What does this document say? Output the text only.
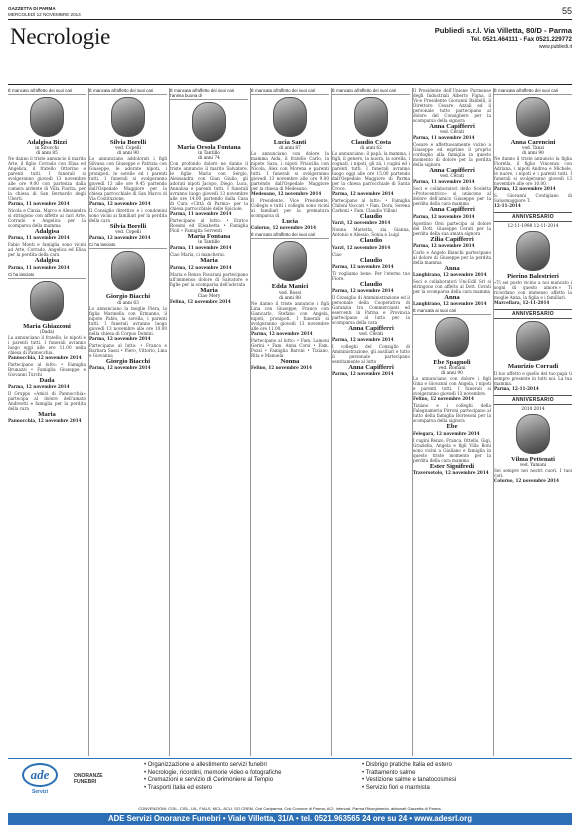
GAZZETTA DI PARMA
MERCOLEDÌ 12 NOVEMBRE 2014	55
Necrologie	Publiedi s.r.l. Via Villetta, 80/D - Parma
Tel. 0521.464111 - Fax 0521.229772
www.publiedi.it
È mancato all'affetto dei suoi cari
Adalgisa Bizzi
in Sirocchi
di anni 85
Ne danno il triste annuncio il marito Arte, il figlio Corrado con Elisa ed Angelica, il fratello Ottorino e parenti tutti. I funerali si svolgeranno giovedì 13 novembre alle ore 9.00 con partenza dalla camera ardente di Villa Fiorita, per la chiesa di San Bernardo degli Uberti.
Parma, 11 novembre 2014
Nicola e Cinzia, Marco e Alessandra si stringono con affetto ai cari Arte, Corrado e Angelica per la scomparsa della mamma
Adalgisa
Parma, 11 novembre 2014
Fabio Monti e famiglia sono vicini ad Arte, Corrado, Angelica ed Elisa per la perdita della cara
Adalgisa
Parma, 11 novembre 2014
Ci ha lasciato
Maria Ghiazzoni
(Dada)
La annunciano il fratello, le nipoti e i parenti tutti. I funerali avranno luogo oggi alle ore 11.00 nella chiesa di Pannocchia.
Pannocchia, 12 novembre 2014
Partecipano al lutto: • Famiglia Brunazzi • Famiglia Giuseppe e Giovanni Turchi
Dada
Parma, 12 novembre 2014
Il Gruppo «Amici di Pannocchia» partecipa al dolore dell'amato Andreotti e famiglia per la perdita della cara
Maria
Pannocchia, 12 novembre 2014
È mancata all'affetto dei suoi cari
Silvia Borelli
ved. Copelli
di anni 90
Lo annunciano addolorati i figli Silvana con Giuseppe e Patrizia con Giuseppe, le adorate nipoti, i pronipoti, le sorelle ed i parenti tutti. I funerali si svolgeranno giovedì 13 alle ore 9.45 partendo dall'Ospedale Maggiore per la chiesa parrocchiale di San Marco di Via Costituzione.
Parma, 12 novembre 2014
Il Consiglio direttivo e i condomini sono vicini ai familiari per la perdita della cara
Silvia Borelli
ved. Copelli
Parma, 12 novembre 2014
Ci ha lasciato
Giorgio Biacchi
di anni 63
Lo annunciano la moglie Piera, la figlia Marinella con Ermanno, il nipote Pablo, la sorella, i parenti tutti. I funerali avranno luogo giovedì 13 novembre alle ore 10.00 nella chiesa di Corpus Domini.
Parma, 12 novembre 2014
Partecipano al lutto: • Franca e Barbara Sassi • Piero, Vittorio, Lina e Giovanna
Giorgio Biacchi
Parma, 12 novembre 2014
È mancata all'affetto dei suoi cari l'anima buona di
Maria Orsola Fontana
in Tantillo
di anni 74
Con profondo dolore ne danno il triste annuncio il marito Salvatore, le figlie Maria con Sergio, Alessandra con Gian Giulio, gli adorati nipoti Jacopo, Diego, Luca, Annalisa e parenti tutti. I funerali avranno luogo giovedì 13 novembre alle ore 14.00 partendo dalla Casa di Cura «Città di Parma» per la chiesa parrocchiale delle Spiciole.
Parma, 11 novembre 2014
Partecipano al lutto: • Enrico Rossini ed Elisabetta • Famiglia Pioli • Famiglia Serventi
Maria Fontana
in Tantillo
Parma, 11 novembre 2014
Ciao Maria, ci mancherai.
Maria
Parma, 12 novembre 2014
Maria e Renzo Pavarani partecipano all'immenso dolore di Salvatore e figlie per la scomparsa dell'adorata
Maria
Ciao Mery
Felina, 12 novembre 2014
È mancata all'affetto dei suoi cari
Lucia Santi
di anni 87
Lo annunciano con dolore la mamma Aida, il fratello Carlo, la nipote Sara, i nipoti Prisicilla con Nicola, Alex con Morena e parenti tutti. I funerali si svolgeranno giovedì 13 novembre alle ore 9.00 partendo dall'Ospedale Maggiore per la chiesa di Medesano.
Medesano, 12 novembre 2014
Il Presidente, Vice Presidente, Collegio e tutti i colleghi sono vicini ai familiari per la prematura scomparsa di
Lucia
Colorno, 12 novembre 2014
È mancato all'affetto dei suoi cari
Edda Manici
ved. Rossi
di anni 88
Ne danno il triste annuncio i figli Lina con Giuseppe, Franco con Giancarlo, Stefano con Angela, nipoti, pronipoti. I funerali si svolgeranno giovedì 13 novembre alle ore 11.00.
Parma, 12 novembre 2014
Partecipano al lutto: • Fam. Lamoni Gerini • Fam. Anna Corsi • Fam. Pozzi • Famiglia Baroni • Tiziano, Rita e Manuela
Nonna
Felino, 12 novembre 2014
È mancato all'affetto dei suoi cari
Claudio Costa
di anni 62
Lo annunciano: il papà, la mamma, i figli, il genero, la nuora, la sorella, i cognati, i nipoti, gli zii, i cugini ed i parenti tutti. I funerali avranno luogo oggi alle ore 15.00 partendo dall'Ospedale Maggiore di Parma per la chiesa parrocchiale di Santa Croce.
Parma, 12 novembre 2014
Partecipano al lutto: • Famiglia Chiloni Vaccari • Fam. Dora, Serena Carboni • Fam. Claudio Villani
Claudio
Varzi, 12 novembre 2014
Nonna Marietta, zia Gianna, Antonio e Alessio, Sonia e Luigi
Claudio
Varzi, 12 novembre 2014
Ciao
Claudio
Parma, 12 novembre 2014
Ti vogliamo bene. Per l'eterno tuo Fiore.
Claudio
Parma, 12 novembre 2014
Il Consiglio di Amministrazione ed il personale della Cooperativa di Garanzia tra Commercianti ed esercenti in Parma e Provincia partecipano al lutto per la scomparsa della cara
Anna Capifferri
ved. Cerati
Parma, 12 novembre 2014
I colleghi del Consiglio di Amministrazione, gli ausiliari e tutto il personale partecipano sentitamente al lutto
Anna Capifferri
Parma, 12 novembre 2014
Il Presidente dell'Unione Parmense degli Industriali Alberto Figna, il Vice Presidente Giovanni Baldelli, il Direttore Cesare Azzali ed il personale tutto partecipano al dolore del Consigliere per la scomparsa della signora
Anna Capifferri
ved. Cerati
Parma, 11 novembre 2014
Cesare e affettuosamente vicino a Giuseppe ed esprime il proprio cordoglio alla famiglia in questo momento di dolore per la perdita della signora
Anna Capifferri
ved. Cerati
Parma, 11 novembre 2014
Soci e collaboratori dello Scoletta «Protocentrico» si uniscono al dolore dell'amico Giuseppe per la perdita della cara mamma
Anna Capifferri
Parma, 12 novembre 2014
Agostino Orsi partecipa al dolore del Dott. Giuseppe Cerati per la perdita della sua amata signora
Zilia Capifferri
Parma, 12 novembre 2014
Carlo e Angelo Bianchi partecipano al dolore di Giuseppe per la perdita della mamma
Anna
Langhirano, 12 novembre 2014
Soci e collaboratori Uni-Edil Srl si stringono con affetto al Dott. Cerati per la scomparsa della cara mamma
Anna
Langhirano, 12 novembre 2014
È mancata ai suoi cari
Ebe Spagnoli
ved. Romani
di anni 90
Lo annunciano con dolore i figli Gina e Giovanni con Angela, i nipoti e parenti tutti. I funerali si svolgeranno giovedì 13 novembre.
Felino, 12 novembre 2014
Tiziano e i colleghi della Falegnameria Pirroni partecipano al lutto della famiglia Bortesoni per la scomparsa della signora
Ebe
Felegara, 12 novembre 2014
I cugini Renzo, Franca, Ottello, Gigi, Graziella, Angela e figli Villa Boni sono vicini a Giuliano e famiglia in questo triste momento per la perdita della cara mamma
Ester Signifredi
Traversetolo, 12 novembre 2014
È mancata all'affetto dei suoi cari
Anna Carencini
ved. Tanzi
di anni 90
Ne danno il triste annuncio la figlia Fiorella, il figlio Vincenzo con Adriana, i nipoti Andrea e Michele, le nuore, i nipoti e i parenti tutti. I funerali si svolgeranno giovedì 13 novembre alle ore 10.00.
Parma, 12 novembre 2014
S. Giovanni Contigiano di Salsomaggiore T.
12-11-2014
ANNIVERSARIO
12-11-1998 12-11-2014
Pierino Balestrieri
«Ti sei posto vicino a noi mancato i sogni di questo amore.» Ti ricordano con immenso affetto la moglie Anna, la figlia e i familiari.
Marcellara, 12-11-2014
ANNIVERSARIO
Maurizio Corradi
Il tuo affetto e quello del tuo papà ti sempre presente in tutti noi. La tua mamma.
Parma, 12-11-2014
ANNIVERSARIO
2010 2014
Vilma Pettenati
ved. Yamani
Sei sempre nei nostri cuori. I tuoi cari.
Colorno, 12 novembre 2014
ade
Servizi
ONORANZE
FUNEBRI
• Organizzazione e allestimento servizi funebri
• Necrologie, ricordini, memorie video e fotografiche
• Cremazioni e servizio di Cerimoniere al Tempio
• Trasporti Italia ed estero
• Disbrigo pratiche Italia ed estero
• Trattamento salme
• Vestizione salme e tanatocosmesi
• Servizio fiori e marmista
CONVENZIONI: CGIL, CISL, UIL, FIALS, MCL, ACLI, SO.CREM, Crsl Cariparma, Crsl Comune di Parma, ACI, Intercral, Parma Risorgimento, abbonati Gazzetta di Parma.
ADE Servizi Onoranze Funebri • Viale Villetta, 31/A • tel. 0521.963565 24 ore su 24 • www.adesrl.org
